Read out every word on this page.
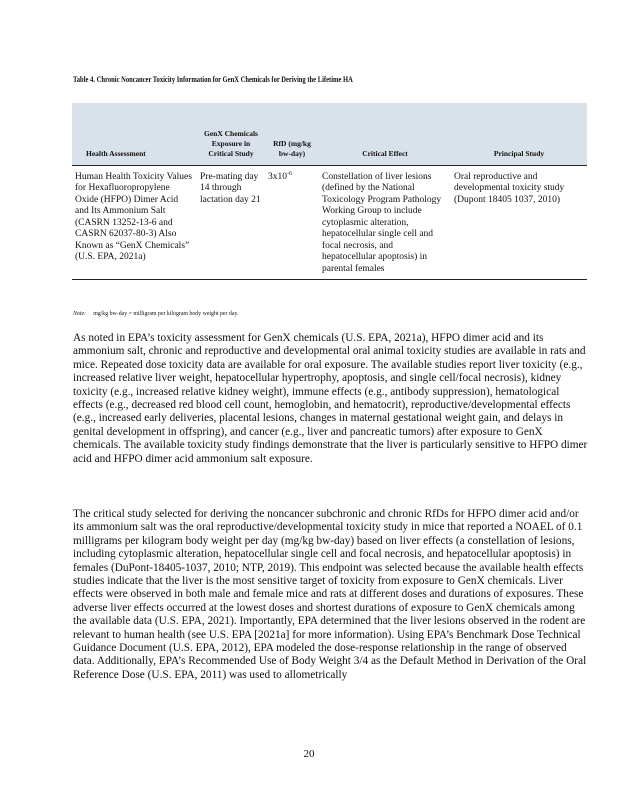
Table 4. Chronic Noncancer Toxicity Information for GenX Chemicals for Deriving the Lifetime HA
Health Assessment	GenX Chemicals Exposure in Critical Study	RfD (mg/kg bw-day)	Critical Effect	Principal Study
Human Health Toxicity Values for Hexafluoropropylene Oxide (HFPO) Dimer Acid and Its Ammonium Salt (CASRN 13252-13-6 and CASRN 62037-80-3) Also Known as “GenX Chemicals” (U.S. EPA, 2021a)	Pre-mating day 14 through lactation day 21	$3x10^{-6}$	Constellation of liver lesions (defined by the National Toxicology Program Pathology Working Group to include cytoplasmic alteration, hepatocellular single cell and focal necrosis, and hepatocellular apoptosis) in parental females	Oral reproductive and developmental toxicity study (Dupont 18405 1037, 2010)
Note: mg/kg bw-day = milligram per kilogram body weight per day.

As noted in EPA’s toxicity assessment for GenX chemicals (U.S. EPA, 2021a), HFPO dimer acid and its ammonium salt, chronic and reproductive and developmental oral animal toxicity studies are available in rats and mice. Repeated dose toxicity data are available for oral exposure. The available studies report liver toxicity (e.g., increased relative liver weight, hepatocellular hypertrophy, apoptosis, and single cell/focal necrosis), kidney toxicity (e.g., increased relative kidney weight), immune effects (e.g., antibody suppression), hematological effects (e.g., decreased red blood cell count, hemoglobin, and hematocrit), reproductive/developmental effects (e.g., increased early deliveries, placental lesions, changes in maternal gestational weight gain, and delays in genital development in offspring), and cancer (e.g., liver and pancreatic tumors) after exposure to GenX chemicals. The available toxicity study findings demonstrate that the liver is particularly sensitive to HFPO dimer acid and HFPO dimer acid ammonium salt exposure.

The critical study selected for deriving the noncancer subchronic and chronic RfDs for HFPO dimer acid and/or its ammonium salt was the oral reproductive/developmental toxicity study in mice that reported a NOAEL of 0.1 milligrams per kilogram body weight per day (mg/kg bw-day) based on liver effects (a constellation of lesions, including cytoplasmic alteration, hepatocellular single cell and focal necrosis, and hepatocellular apoptosis) in females (DuPont-18405-1037, 2010; NTP, 2019). This endpoint was selected because the available health effects studies indicate that the liver is the most sensitive target of toxicity from exposure to GenX chemicals. Liver effects were observed in both male and female mice and rats at different doses and durations of exposures. These adverse liver effects occurred at the lowest doses and shortest durations of exposure to GenX chemicals among the available data (U.S. EPA, 2021). Importantly, EPA determined that the liver lesions observed in the rodent are relevant to human health (see U.S. EPA [2021a] for more information). Using EPA’s Benchmark Dose Technical Guidance Document (U.S. EPA, 2012), EPA modeled the dose-response relationship in the range of observed data. Additionally, EPA’s Recommended Use of Body Weight 3/4 as the Default Method in Derivation of the Oral Reference Dose (U.S. EPA, 2011) was used to allometrically

20
